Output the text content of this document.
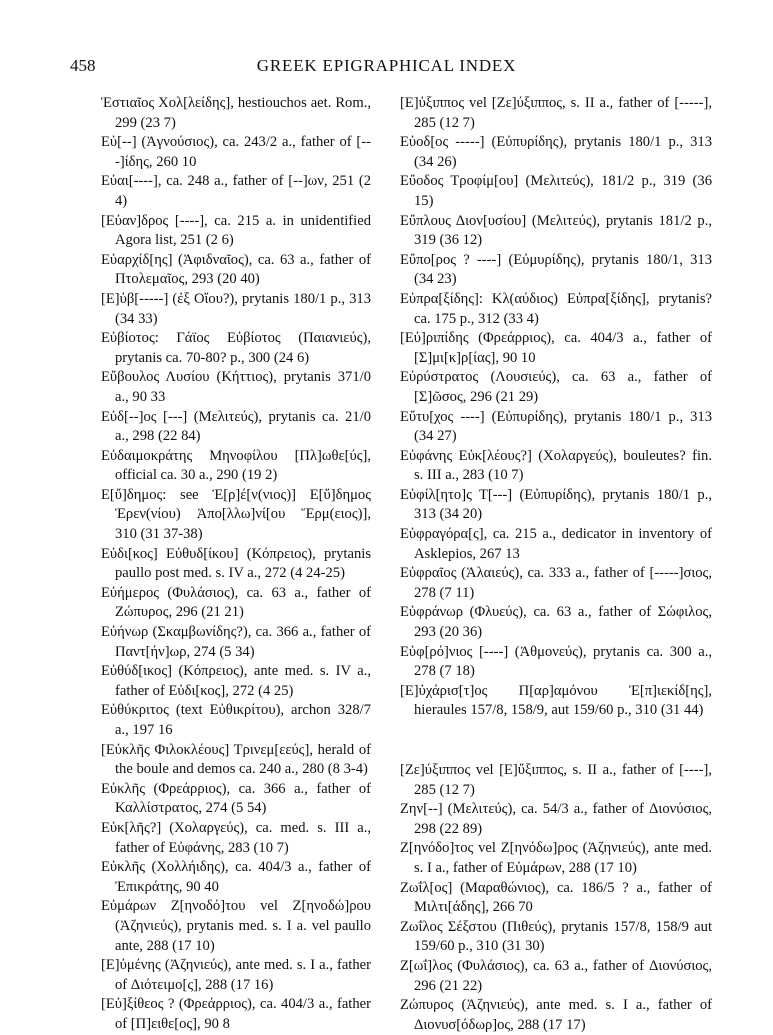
458	GREEK EPIGRAPHICAL INDEX

Ἑστιαῖος Χολ[λείδης], hestiouchos aet. Rom., 299 (23 7)

Εὐ[--] (Ἀγνούσιος), ca. 243/2 a., father of [---]ίδης, 260 10

Εὐαι[----], ca. 248 a., father of [--]ων, 251 (2 4)

[Εὐαν]δρος [----], ca. 215 a. in unidentified Agora list, 251 (2 6)

Εὐαρχίδ[ης] (Ἀφιδναῖος), ca. 63 a., father of Πτολεμαῖος, 293 (20 40)

[Ε]ὐβ[-----] (ἐξ Οἴου?), prytanis 180/1 p., 313 (34 33)

Εὐβίοτος: Γάϊος Εὐβίοτος (Παιανιεύς), prytanis ca. 70-80? p., 300 (24 6)

Εὔβουλος Λυσίου (Κήττιος), prytanis 371/0 a., 90 33

Εὐδ[--]ος [---] (Μελιτεύς), prytanis ca. 21/0 a., 298 (22 84)

Εὐδαιμοκράτης Μηνοφίλου [Πλ]ωθε[ύς], official ca. 30 a., 290 (19 2)

Ε[ὔ]δημος: see Ἑ[ρ]έ[ν(νιος)] Ε[ὔ]δημος Ἑρεν(νίου) Ἀπο[λλω]νί[ου Ἕρμ(ειος)], 310 (31 37-38)

Εὐδι[κος] Εὐθυδ[ίκου] (Κόπρειος), prytanis paullo post med. s. IV a., 272 (4 24-25)

Εὐήμερος (Φυλάσιος), ca. 63 a., father of Ζώπυρος, 296 (21 21)

Εὐήνωρ (Σκαμβωνίδης?), ca. 366 a., father of Παντ[ήν]ωρ, 274 (5 34)

Εὐθύδ[ικος] (Κόπρειος), ante med. s. IV a., father of Εὐδι[κος], 272 (4 25)

Εὐθύκριτος (text Εὐθικρίτου), archon 328/7 a., 197 16

[Εὐκλῆς Φιλοκλέους] Τρινεμ[εεύς], herald of the boule and demos ca. 240 a., 280 (8 3-4)

Εὐκλῆς (Φρεάρριος), ca. 366 a., father of Καλλίστρατος, 274 (5 54)

Εὐκ[λῆς?] (Χολαργεύς), ca. med. s. III a., father of Εὐφάνης, 283 (10 7)

Εὐκλῆς (Χολλήιδης), ca. 404/3 a., father of Ἐπικράτης, 90 40

Εὐμάρων Ζ[ηνοδό]του vel Ζ[ηνοδώ]ρου (Ἀζηνιεύς), prytanis med. s. I a. vel paullo ante, 288 (17 10)

[Ε]ὐμένης (Ἀζηνιεύς), ante med. s. I a., father of Διότειμο[ς], 288 (17 16)

[Εὐ]ξίθεος ? (Φρεάρριος), ca. 404/3 a., father of [Π]ειθε[ος], 90 8

[Ε]ὐξιππος vel [Ζε]ύξιππος, s. II a., father of [-----], 285 (12 7)

Εὐοδ[ος -----] (Εὐπυρίδης), prytanis 180/1 p., 313 (34 26)

Εὔοδος Τροφίμ[ου] (Μελιτεύς), 181/2 p., 319 (36 15)

Εὔπλους Διον[υσίου] (Μελιτεύς), prytanis 181/2 p., 319 (36 12)

Εὔπο[ρος ? ----] (Εὐμυρίδης), prytanis 180/1, 313 (34 23)

Εὐπρα[ξίδης]: Κλ(αύδιος) Εὐπρα[ξίδης], prytanis? ca. 175 p., 312 (33 4)

[Εὐ]ριπίδης (Φρεάρριος), ca. 404/3 a., father of [Σ]μι[κ]ρ[ίας], 90 10

Εὐρύστρατος (Λουσιεύς), ca. 63 a., father of [Σ]ῶσος, 296 (21 29)

Εὔτυ[χος ----] (Εὐπυρίδης), prytanis 180/1 p., 313 (34 27)

Εὐφάνης Εὐκ[λέους?] (Χολαργεύς), bouleutes? fin. s. III a., 283 (10 7)

Εὐφίλ[ητο]ς Τ[---] (Εὐπυρίδης), prytanis 180/1 p., 313 (34 20)

Εὐφραγόρα[ς], ca. 215 a., dedicator in inventory of Asklepios, 267 13

Εὐφραῖος (Ἁλαιεύς), ca. 333 a., father of [-----]σιος, 278 (7 11)

Εὐφράνωρ (Φλυεύς), ca. 63 a., father of Σώφιλος, 293 (20 36)

Εὐφ[ρό]νιος [----] (Ἀθμονεύς), prytanis ca. 300 a., 278 (7 18)

[Ε]ὐχάρισ[τ]ος Π[αρ]αμόνου Ἐ[π]ιεκίδ[ης], hieraules 157/8, 158/9, aut 159/60 p., 310 (31 44)

[Ζε]ύξιππος vel [Ε]ὔξιππος, s. II a., father of [----], 285 (12 7)

Ζην[--] (Μελιτεύς), ca. 54/3 a., father of Διονύσιος, 298 (22 89)

Ζ[ηνόδο]τος vel Ζ[ηνόδω]ρος (Ἀζηνιεύς), ante med. s. I a., father of Εὐμάρων, 288 (17 10)

Ζωΐλ[ος] (Μαραθώνιος), ca. 186/5 ? a., father of Μιλτι[άδης], 266 70

Ζωΐλος Σέξστου (Πιθεύς), prytanis 157/8, 158/9 aut 159/60 p., 310 (31 30)

Ζ[ωΐ]λος (Φυλάσιος), ca. 63 a., father of Διονύσιος, 296 (21 22)

Ζώπυρος (Ἀζηνιεύς), ante med. s. I a., father of Διονυσ[όδωρ]ος, 288 (17 17)
